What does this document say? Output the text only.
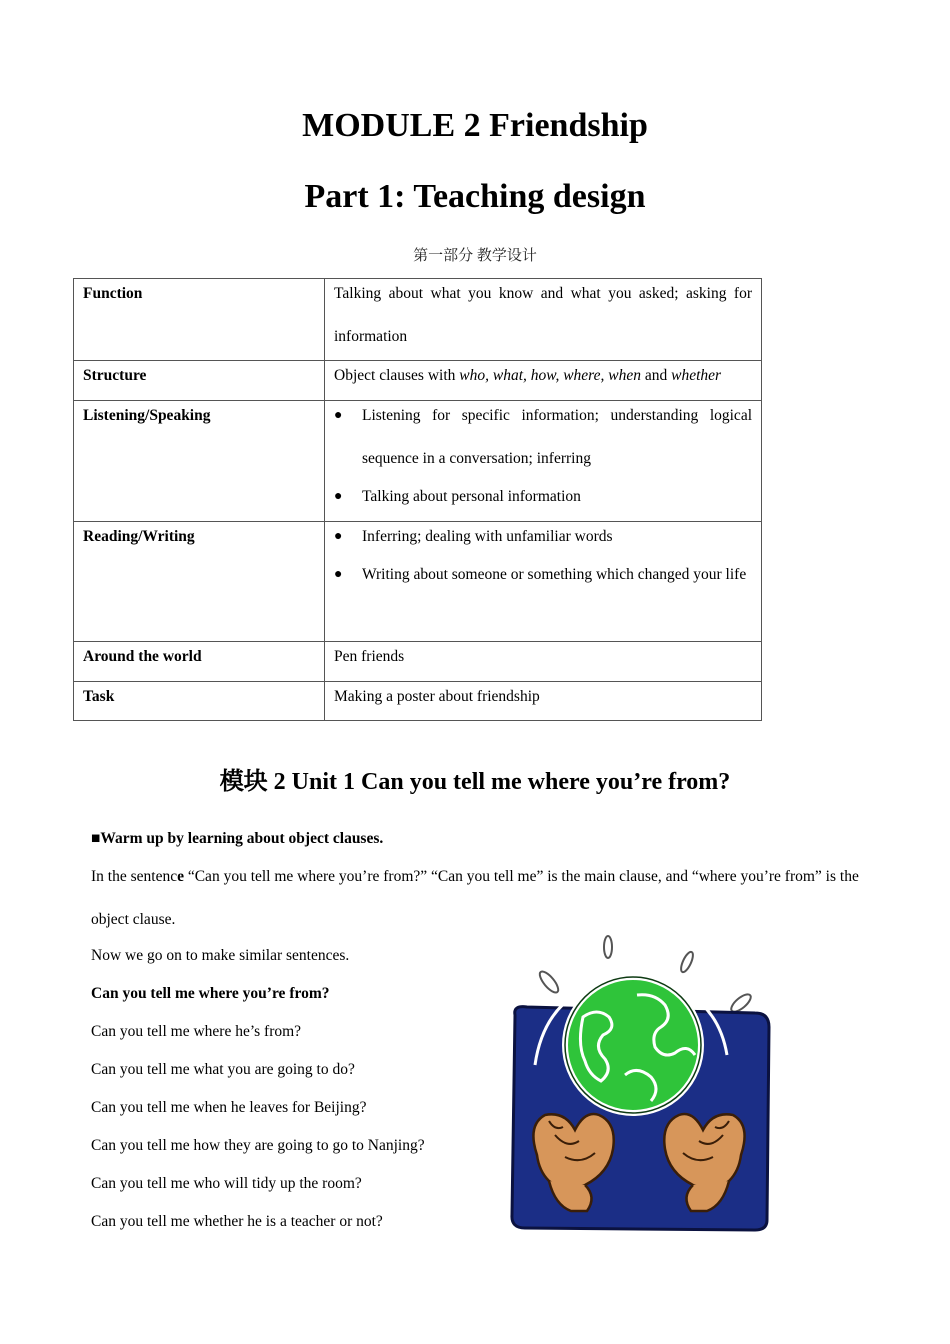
MODULE 2 Friendship
Part 1: Teaching design
第一部分 教学设计
Function	Talking about what you know and what you asked; asking for information

Structure	Object clauses with who, what, how, where, when and whether
Listening/Speaking	● Listening for specific information; understanding logical sequence in a conversation; inferring
● Talking about personal information

Reading/Writing	● Inferring; dealing with unfamiliar words
● Writing about someone or something which changed your life

Around the world	Pen friends
Task	Making a poster about friendship
模块 2 Unit 1 Can you tell me where you’re from?
■Warm up by learning about object clauses.
In the sentence “Can you tell me where you’re from?” “Can you tell me” is the main clause, and “where you’re from” is the object clause.
Now we go on to make similar sentences.
Can you tell me where you’re from?
Can you tell me where he’s from?
Can you tell me what you are going to do?
Can you tell me when he leaves for Beijing?
Can you tell me how they are going to go to Nanjing?
Can you tell me who will tidy up the room?
Can you tell me whether he is a teacher or not?
